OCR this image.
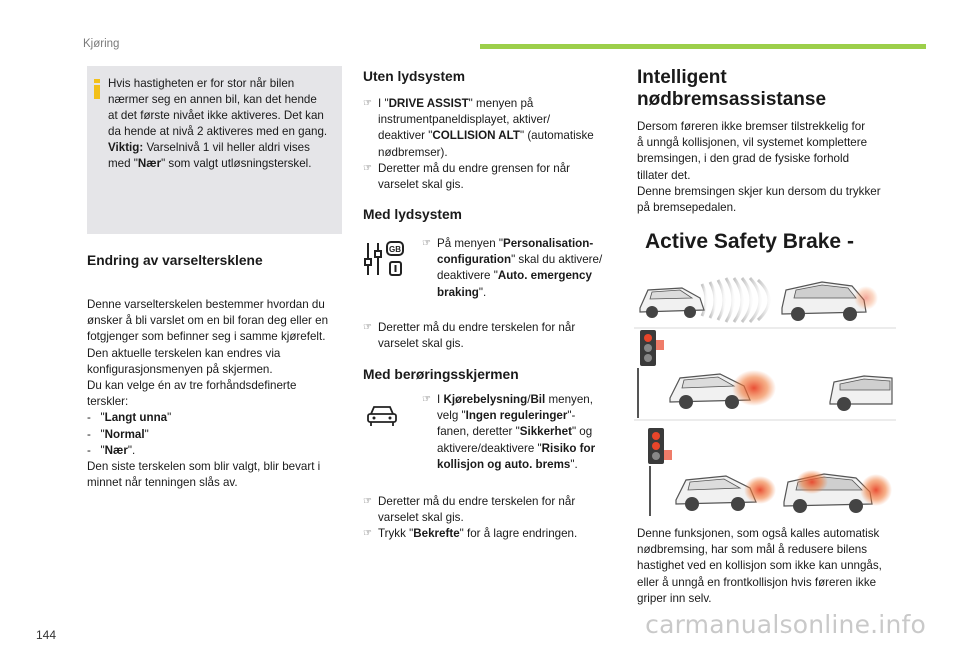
Kjøring
Hvis hastigheten er for stor når bilen
nærmer seg en annen bil, kan det hende
at det første nivået ikke aktiveres. Det kan
da hende at nivå 2 aktiveres med en gang.
Viktig: Varselnivå 1 vil heller aldri vises
med "Nær" som valgt utløsningsterskel.
Endring av varseltersklene
Denne varselterskelen bestemmer hvordan du
ønsker å bli varslet om en bil foran deg eller en
fotgjenger som befinner seg i samme kjørefelt.
Den aktuelle terskelen kan endres via
konfigurasjonsmenyen på skjermen.
Du kan velge én av tre forhåndsdefinerte
terskler:
-   "Langt unna"
-   "Normal"
-   "Nær".
Den siste terskelen som blir valgt, blir bevart i
minnet når tenningen slås av.
Uten lydsystem
☞ I "DRIVE ASSIST" menyen på
instrumentpaneldisplayet, aktiver/
deaktiver "COLLISION ALT" (automatiske
nødbremser).
☞ Deretter må du endre grensen for når
varselet skal gis.
Med lydsystem
GB
☞ På menyen "Personalisation-
configuration" skal du aktivere/
deaktivere "Auto. emergency
braking".
☞ Deretter må du endre terskelen for når
varselet skal gis.
Med berøringsskjermen
☞ I Kjørebelysning/Bil menyen,
velg "Ingen reguleringer"-
fanen, deretter "Sikkerhet" og
aktivere/deaktivere "Risiko for
kollisjon og auto. brems".
☞ Deretter må du endre terskelen for når
varselet skal gis.
☞ Trykk "Bekrefte" for å lagre endringen.
Intelligent
nødbremsassistanse
Dersom føreren ikke bremser tilstrekkelig for
å unngå kollisjonen, vil systemet komplettere
bremsingen, i den grad de fysiske forhold
tillater det.
Denne bremsingen skjer kun dersom du trykker
på bremsepedalen.
Active Safety Brake -
Denne funksjonen, som også kalles automatisk
nødbremsing, har som mål å redusere bilens
hastighet ved en kollisjon som ikke kan unngås,
eller å unngå en frontkollisjon hvis føreren ikke
griper inn selv.
144	carmanualsonline.info
